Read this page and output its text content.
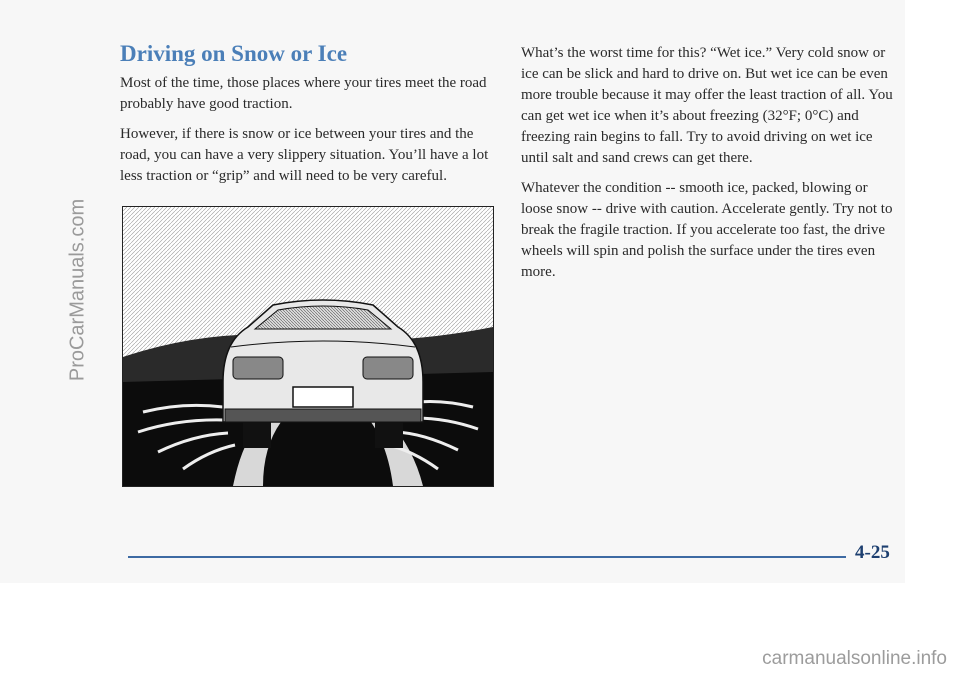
ProCarManuals.com
Driving on Snow or Ice

Most of the time, those places where your tires meet the road probably have good traction.

However, if there is snow or ice between your tires and the road, you can have a very slippery situation. You’ll have a lot less traction or “grip” and will need to be very careful.

What’s the worst time for this? “Wet ice.” Very cold snow or ice can be slick and hard to drive on. But wet ice can be even more trouble because it may offer the least traction of all. You can get wet ice when it’s about freezing (32°F; 0°C) and freezing rain begins to fall. Try to avoid driving on wet ice until salt and sand crews can get there.

Whatever the condition -- smooth ice, packed, blowing or loose snow -- drive with caution. Accelerate gently. Try not to break the fragile traction. If you accelerate too fast, the drive wheels will spin and polish the surface under the tires even more.

4-25
carmanualsonline.info
